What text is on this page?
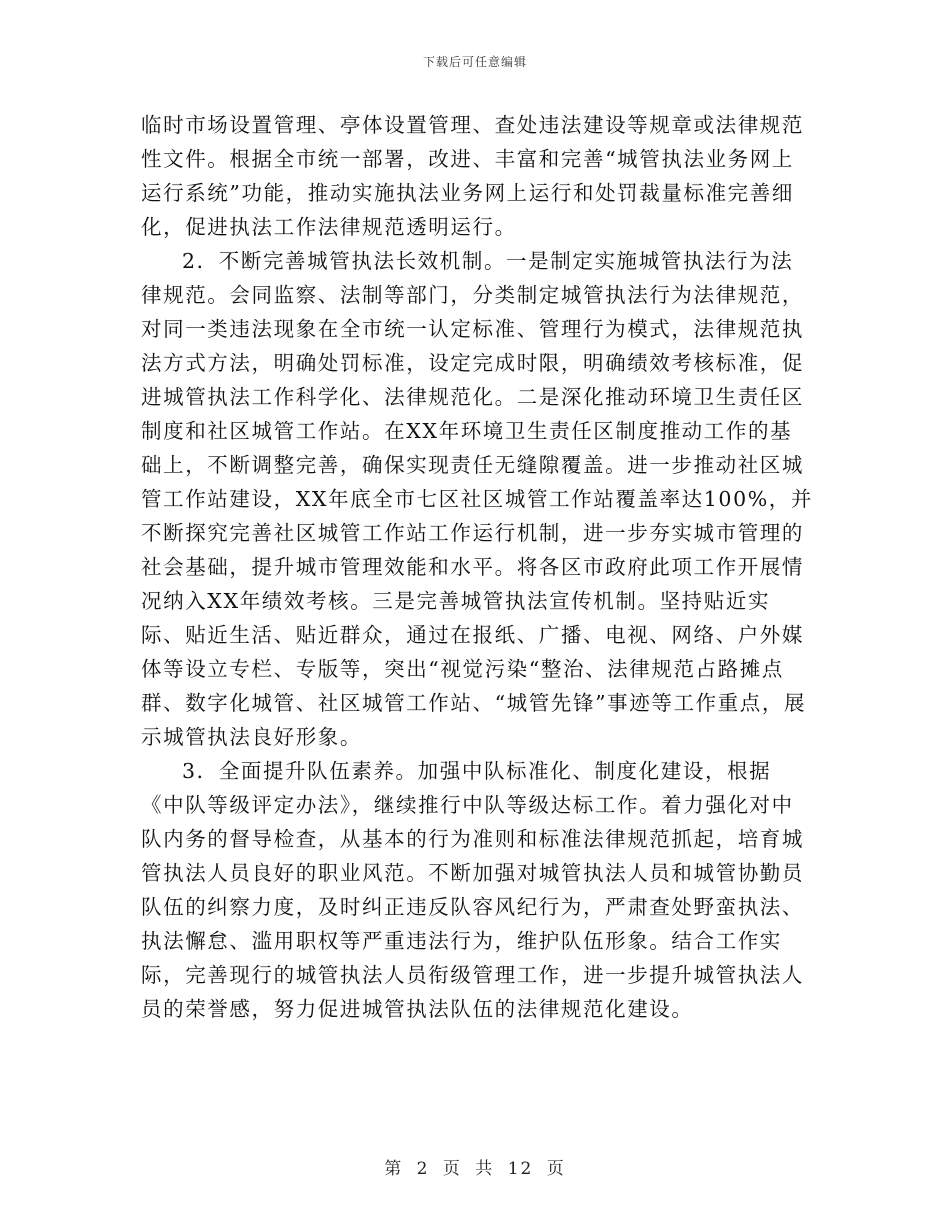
下载后可任意编辑

临时市场设置管理、亭体设置管理、查处违法建设等规章或法律规范性文件。根据全市统一部署，改进、丰富和完善“城管执法业务网上运行系统”功能，推动实施执法业务网上运行和处罚裁量标准完善细化，促进执法工作法律规范透明运行。

2．不断完善城管执法长效机制。一是制定实施城管执法行为法律规范。会同监察、法制等部门，分类制定城管执法行为法律规范，对同一类违法现象在全市统一认定标准、管理行为模式，法律规范执法方式方法，明确处罚标准，设定完成时限，明确绩效考核标准，促进城管执法工作科学化、法律规范化。二是深化推动环境卫生责任区制度和社区城管工作站。在XX年环境卫生责任区制度推动工作的基础上，不断调整完善，确保实现责任无缝隙覆盖。进一步推动社区城管工作站建设，XX年底全市七区社区城管工作站覆盖率达100%，并不断探究完善社区城管工作站工作运行机制，进一步夯实城市管理的社会基础，提升城市管理效能和水平。将各区市政府此项工作开展情况纳入XX年绩效考核。三是完善城管执法宣传机制。坚持贴近实际、贴近生活、贴近群众，通过在报纸、广播、电视、网络、户外媒体等设立专栏、专版等，突出“视觉污染“整治、法律规范占路摊点群、数字化城管、社区城管工作站、“城管先锋”事迹等工作重点，展示城管执法良好形象。

3．全面提升队伍素养。加强中队标准化、制度化建设，根据《中队等级评定办法》，继续推行中队等级达标工作。着力强化对中队内务的督导检查，从基本的行为准则和标准法律规范抓起，培育城管执法人员良好的职业风范。不断加强对城管执法人员和城管协勤员队伍的纠察力度，及时纠正违反队容风纪行为，严肃查处野蛮执法、执法懈怠、滥用职权等严重违法行为，维护队伍形象。结合工作实际，完善现行的城管执法人员衔级管理工作，进一步提升城管执法人员的荣誉感，努力促进城管执法队伍的法律规范化建设。

第 2 页 共 12 页
